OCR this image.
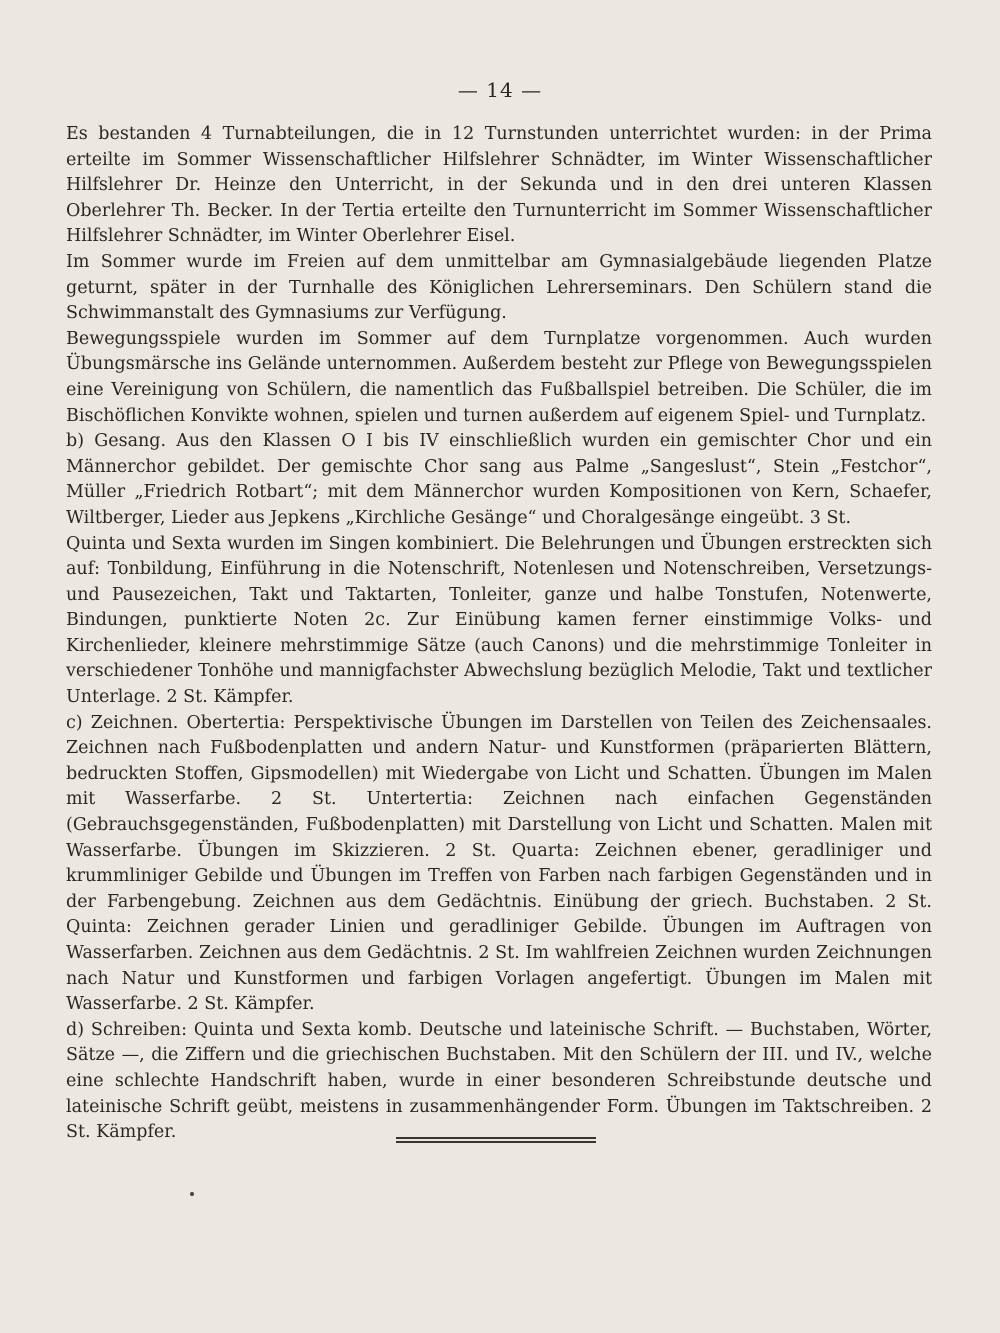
— 14 —

Es bestanden 4 Turnabteilungen, die in 12 Turnstunden unterrichtet wurden: in der Prima erteilte im Sommer Wissenschaftlicher Hilfslehrer Schnädter, im Winter Wissenschaftlicher Hilfslehrer Dr. Heinze den Unterricht, in der Sekunda und in den drei unteren Klassen Oberlehrer Th. Becker. In der Tertia erteilte den Turnunterricht im Sommer Wissenschaftlicher Hilfslehrer Schnädter, im Winter Oberlehrer Eisel.

Im Sommer wurde im Freien auf dem unmittelbar am Gymnasialgebäude liegenden Platze geturnt, später in der Turnhalle des Königlichen Lehrerseminars. Den Schülern stand die Schwimmanstalt des Gymnasiums zur Verfügung.

Bewegungsspiele wurden im Sommer auf dem Turnplatze vorgenommen. Auch wurden Übungsmärsche ins Gelände unternommen. Außerdem besteht zur Pflege von Bewegungsspielen eine Vereinigung von Schülern, die namentlich das Fußballspiel betreiben. Die Schüler, die im Bischöflichen Konvikte wohnen, spielen und turnen außerdem auf eigenem Spiel- und Turnplatz.

b) Gesang. Aus den Klassen O I bis IV einschließlich wurden ein gemischter Chor und ein Männerchor gebildet. Der gemischte Chor sang aus Palme „Sangeslust“, Stein „Festchor“, Müller „Friedrich Rotbart“; mit dem Männerchor wurden Kompositionen von Kern, Schaefer, Wiltberger, Lieder aus Jepkens „Kirchliche Gesänge“ und Choralgesänge eingeübt. 3 St.

Quinta und Sexta wurden im Singen kombiniert. Die Belehrungen und Übungen erstreckten sich auf: Tonbildung, Einführung in die Notenschrift, Notenlesen und Notenschreiben, Versetzungs- und Pausezeichen, Takt und Taktarten, Tonleiter, ganze und halbe Tonstufen, Notenwerte, Bindungen, punktierte Noten 2c. Zur Einübung kamen ferner einstimmige Volks- und Kirchenlieder, kleinere mehrstimmige Sätze (auch Canons) und die mehrstimmige Tonleiter in verschiedener Tonhöhe und mannigfachster Abwechslung bezüglich Melodie, Takt und textlicher Unterlage. 2 St. Kämpfer.

c) Zeichnen. Obertertia: Perspektivische Übungen im Darstellen von Teilen des Zeichensaales. Zeichnen nach Fußbodenplatten und andern Natur- und Kunstformen (präparierten Blättern, bedruckten Stoffen, Gipsmodellen) mit Wiedergabe von Licht und Schatten. Übungen im Malen mit Wasserfarbe. 2 St. Untertertia: Zeichnen nach einfachen Gegenständen (Gebrauchsgegenständen, Fußbodenplatten) mit Darstellung von Licht und Schatten. Malen mit Wasserfarbe. Übungen im Skizzieren. 2 St. Quarta: Zeichnen ebener, geradliniger und krummliniger Gebilde und Übungen im Treffen von Farben nach farbigen Gegenständen und in der Farbengebung. Zeichnen aus dem Gedächtnis. Einübung der griech. Buchstaben. 2 St. Quinta: Zeichnen gerader Linien und geradliniger Gebilde. Übungen im Auftragen von Wasserfarben. Zeichnen aus dem Gedächtnis. 2 St. Im wahlfreien Zeichnen wurden Zeichnungen nach Natur und Kunstformen und farbigen Vorlagen angefertigt. Übungen im Malen mit Wasserfarbe. 2 St. Kämpfer.

d) Schreiben: Quinta und Sexta komb. Deutsche und lateinische Schrift. — Buchstaben, Wörter, Sätze —, die Ziffern und die griechischen Buchstaben. Mit den Schülern der III. und IV., welche eine schlechte Handschrift haben, wurde in einer besonderen Schreibstunde deutsche und lateinische Schrift geübt, meistens in zusammenhängender Form. Übungen im Taktschreiben. 2 St. Kämpfer.
